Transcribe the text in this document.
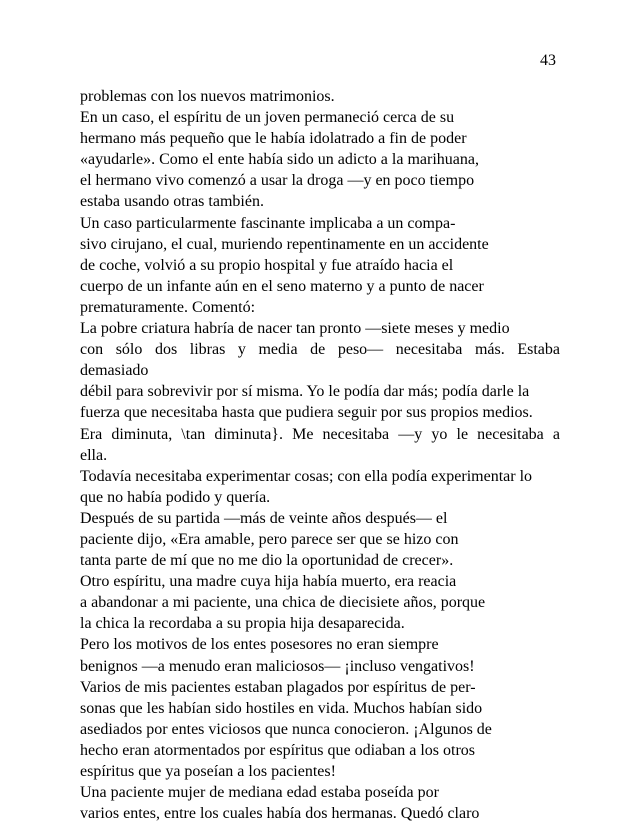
43
problemas con los nuevos matrimonios.
En un caso, el espíritu de un joven permaneció cerca de su
hermano más pequeño que le había idolatrado a fin de poder
«ayudarle». Como el ente había sido un adicto a la marihuana,
el hermano vivo comenzó a usar la droga —y en poco tiempo
estaba usando otras también.
Un caso particularmente fascinante implicaba a un compa-
sivo cirujano, el cual, muriendo repentinamente en un accidente
de coche, volvió a su propio hospital y fue atraído hacia el
cuerpo de un infante aún en el seno materno y a punto de nacer
prematuramente. Comentó:
La pobre criatura habría de nacer tan pronto —siete meses y medio
con sólo dos libras y media de peso— necesitaba más. Estaba
demasiado
débil para sobrevivir por sí misma. Yo le podía dar más; podía darle la
fuerza que necesitaba hasta que pudiera seguir por sus propios medios.
Era diminuta, \tan diminuta}. Me necesitaba —y yo le necesitaba a
ella.
Todavía necesitaba experimentar cosas; con ella podía experimentar lo
que no había podido y quería.
Después de su partida —más de veinte años después— el
paciente dijo, «Era amable, pero parece ser que se hizo con
tanta parte de mí que no me dio la oportunidad de crecer».
Otro espíritu, una madre cuya hija había muerto, era reacia
a abandonar a mi paciente, una chica de diecisiete años, porque
la chica la recordaba a su propia hija desaparecida.
Pero los motivos de los entes posesores no eran siempre
benignos —a menudo eran maliciosos— ¡incluso vengativos!
Varios de mis pacientes estaban plagados por espíritus de per-
sonas que les habían sido hostiles en vida. Muchos habían sido
asediados por entes viciosos que nunca conocieron. ¡Algunos de
hecho eran atormentados por espíritus que odiaban a los otros
espíritus que ya poseían a los pacientes!
Una paciente mujer de mediana edad estaba poseída por
varios entes, entre los cuales había dos hermanas. Quedó claro
